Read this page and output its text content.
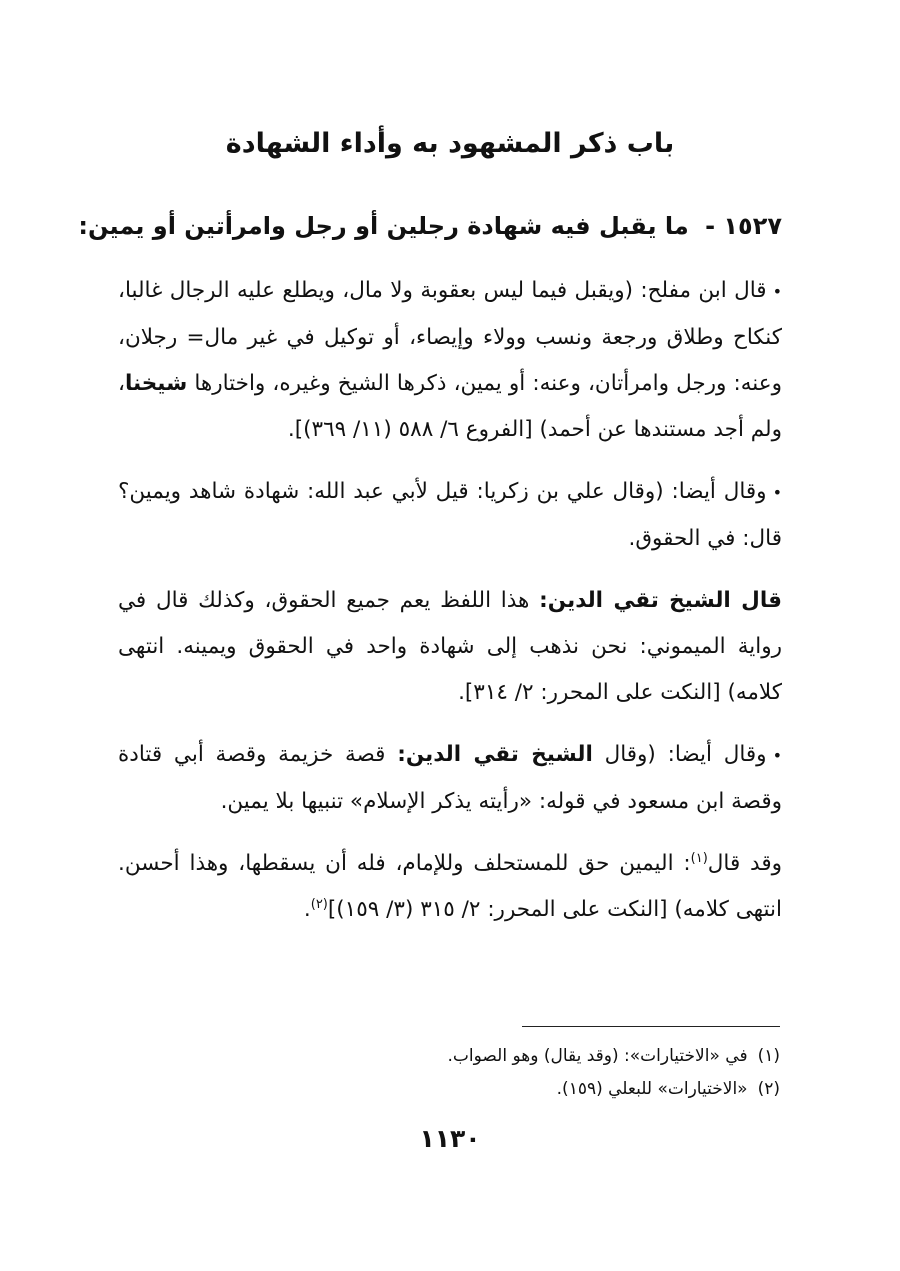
باب ذكر المشهود به وأداء الشهادة
١٥٢٧ - ما يقبل فيه شهادة رجلين أو رجل وامرأتين أو يمين:

•قال ابن مفلح: (ويقبل فيما ليس بعقوبة ولا مال، ويطلع عليه الرجال غالبا، كنكاح وطلاق ورجعة ونسب وولاء وإيصاء، أو توكيل في غير مال= رجلان، وعنه: ورجل وامرأتان، وعنه: أو يمين، ذكرها الشيخ وغيره، واختارها شيخنا، ولم أجد مستندها عن أحمد) [الفروع ٦/ ٥٨٨ (١١/ ٣٦٩)].

•وقال أيضا: (وقال علي بن زكريا: قيل لأبي عبد الله: شهادة شاهد ويمين؟ قال: في الحقوق.

قال الشيخ تقي الدين: هذا اللفظ يعم جميع الحقوق، وكذلك قال في رواية الميموني: نحن نذهب إلى شهادة واحد في الحقوق ويمينه. انتهى كلامه) [النكت على المحرر: ٢/ ٣١٤].

•وقال أيضا: (وقال الشيخ تقي الدين: قصة خزيمة وقصة أبي قتادة وقصة ابن مسعود في قوله: «رأيته يذكر الإسلام» تنبيها بلا يمين.

وقد قال$^{(١)}$: اليمين حق للمستحلف وللإمام، فله أن يسقطها، وهذا أحسن. انتهى كلامه) [النكت على المحرر: ٢/ ٣١٥ (٣/ ١٥٩)]$^{(٢)}$.

(١)في «الاختيارات»: (وقد يقال) وهو الصواب.
(٢)«الاختيارات» للبعلي (١٥٩).
١١٣٠
